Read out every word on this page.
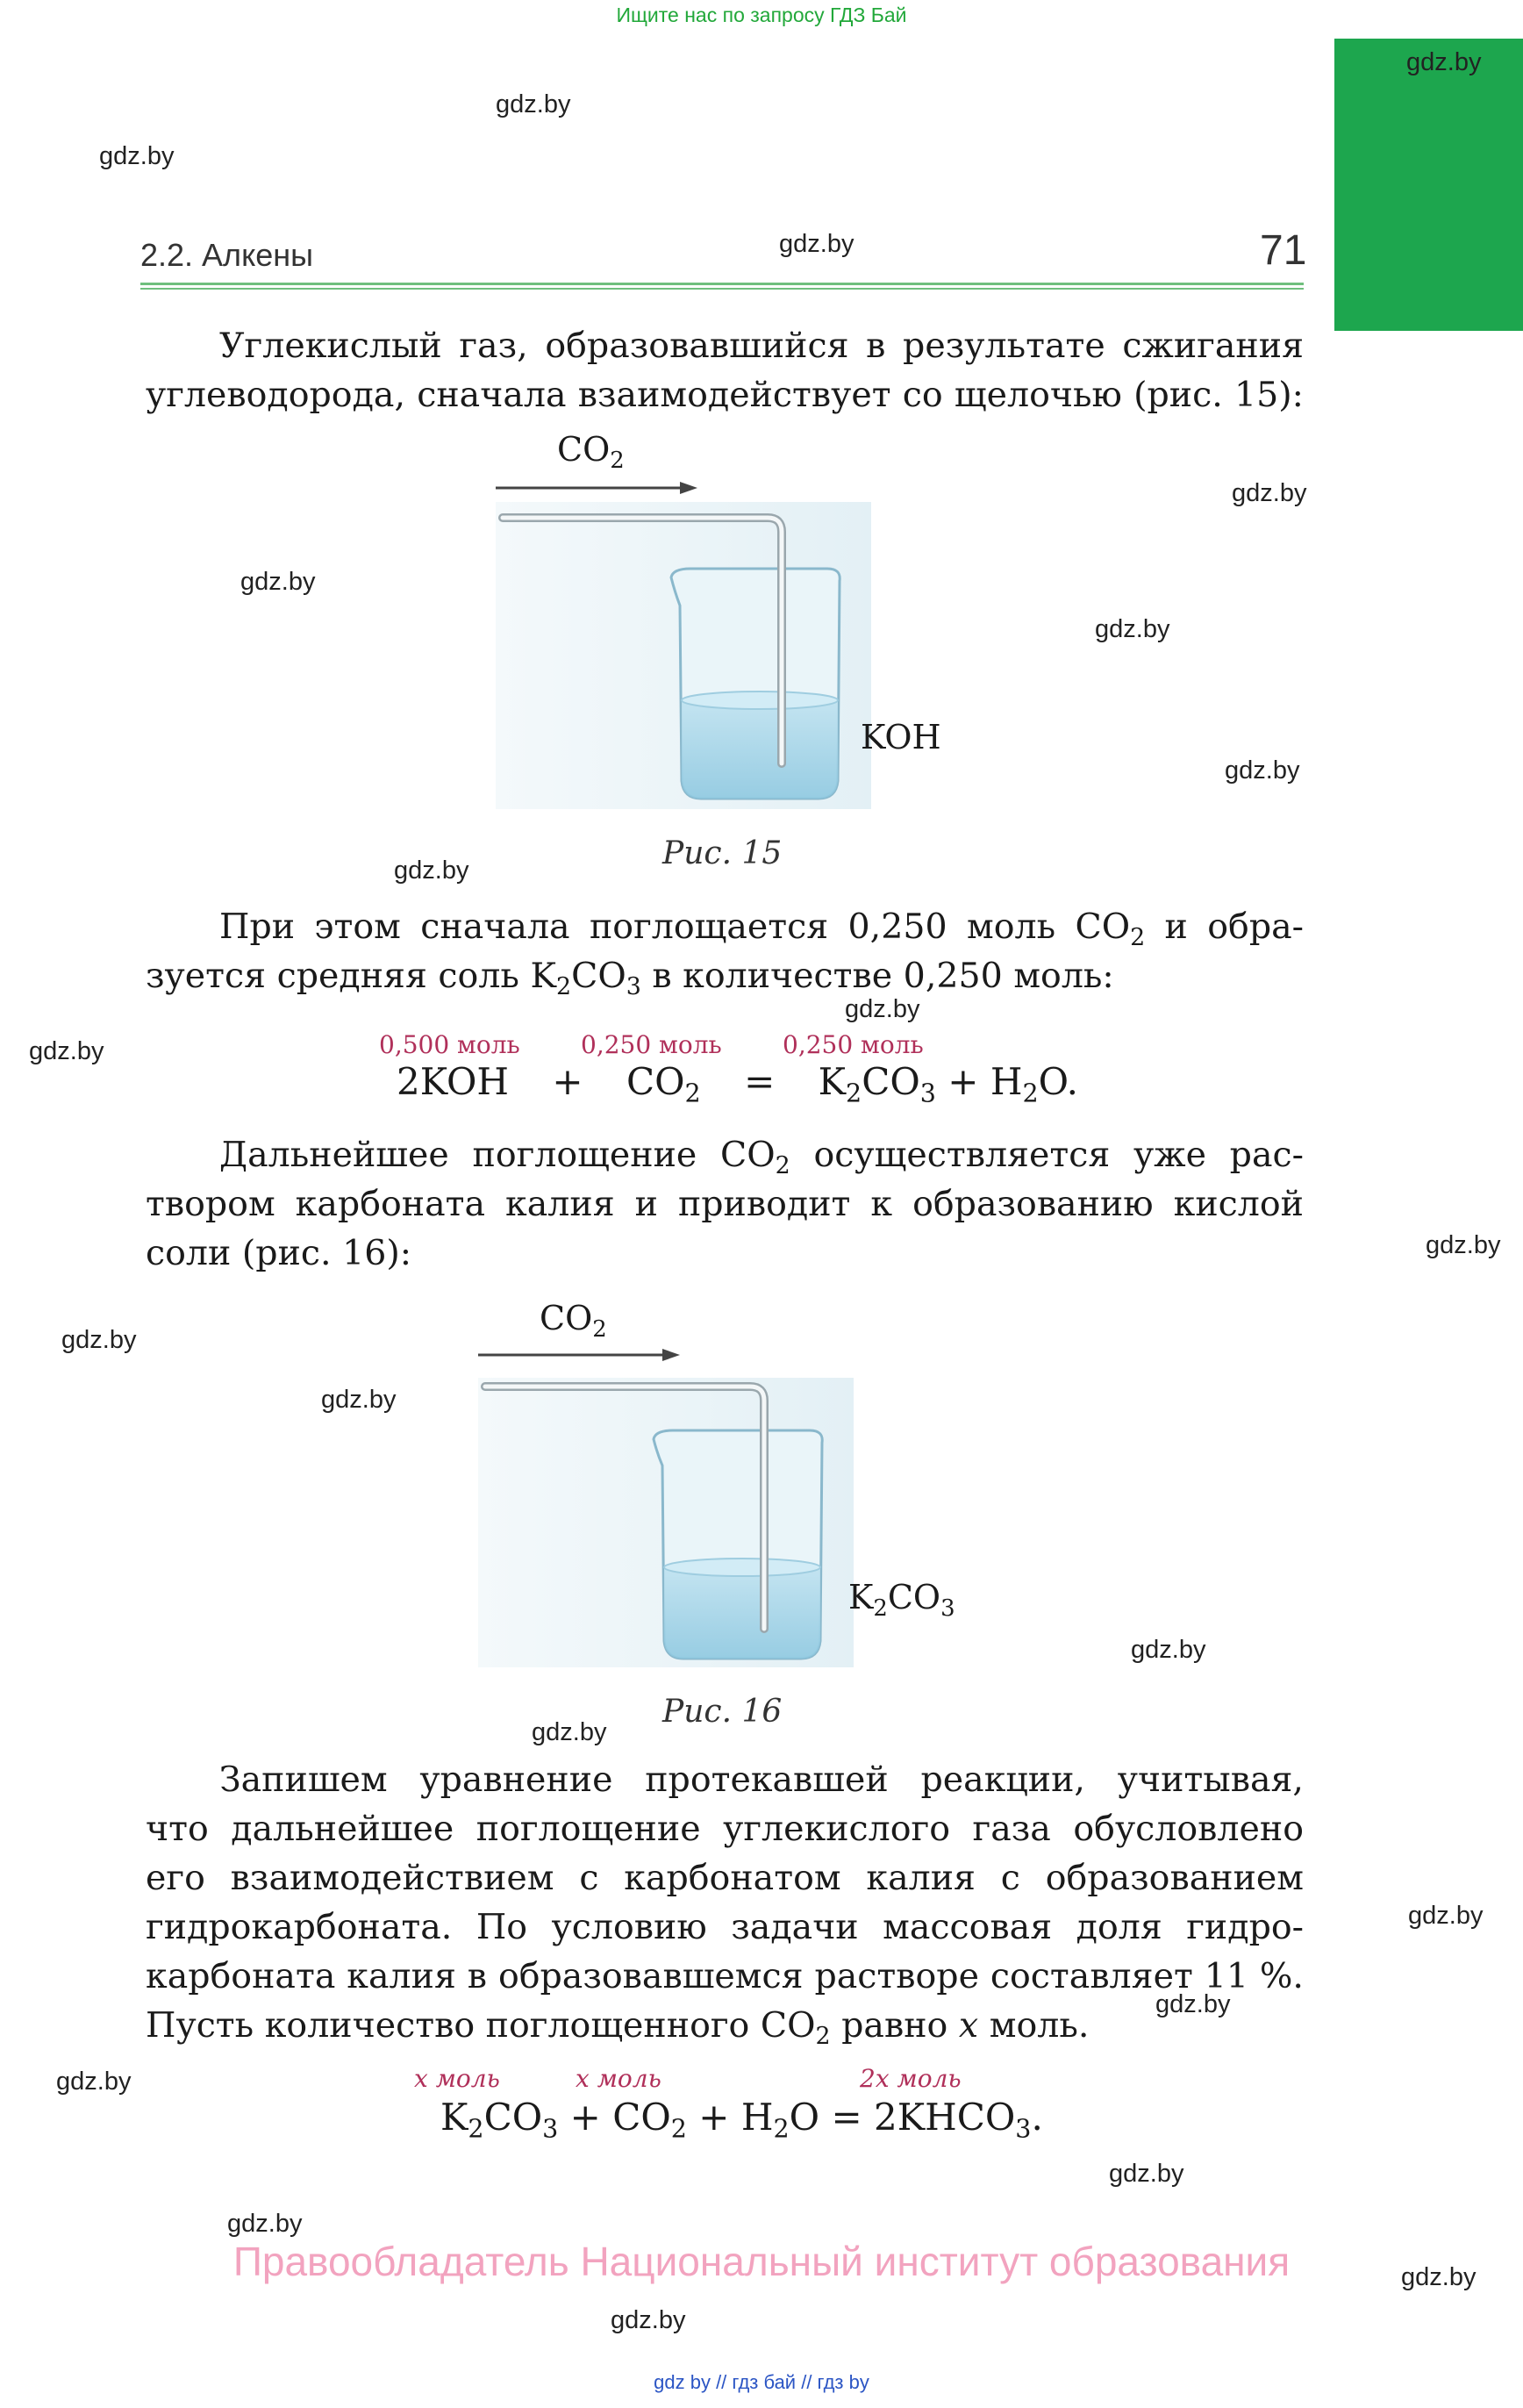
Ищите нас по запросу ГДЗ Бай
gdz.by
gdz.by
gdz.by
gdz.by
gdz.by
gdz.by
gdz.by
gdz.by
gdz.by
gdz.by
gdz.by
gdz.by
gdz.by
gdz.by
gdz.by
gdz.by
gdz.by
gdz.by
gdz.by
gdz.by
gdz.by
gdz.by
gdz.by
2.2. Алкены	71

Углекислый газ, образовавшийся в результате сжигания

углеводорода, сначала взаимодействует со щелочью (рис. 15):

$CO_2$
KOH
Рис. 15

При этом сначала поглощается 0,250 моль $CO_2$ и обра-

зуется средняя соль $K_2CO_3$ в количестве 0,250 моль:

0,500 моль 0,250 моль 0,250 моль
$2KOH + CO_2 = K_2CO_3 + H_2O$.

Дальнейшее поглощение $CO_2$ осуществляется уже рас-

твором карбоната калия и приводит к образованию кислой

соли (рис. 16):

$CO_2$
$K_2CO_3$
Рис. 16

Запишем уравнение протекавшей реакции, учитывая,

что дальнейшее поглощение углекислого газа обусловлено

его взаимодействием с карбонатом калия с образованием

гидрокарбоната. По условию задачи массовая доля гидро-

карбоната калия в образовавшемся растворе составляет 11 %.

Пусть количество поглощенного $CO_2$ равно x моль.

x моль	x моль	2x моль
$K_2CO_3 + CO_2 + H_2O$ = $2KHCO_3$.
Правообладатель Национальный институт образования
gdz by // гдз бай // гдз by
